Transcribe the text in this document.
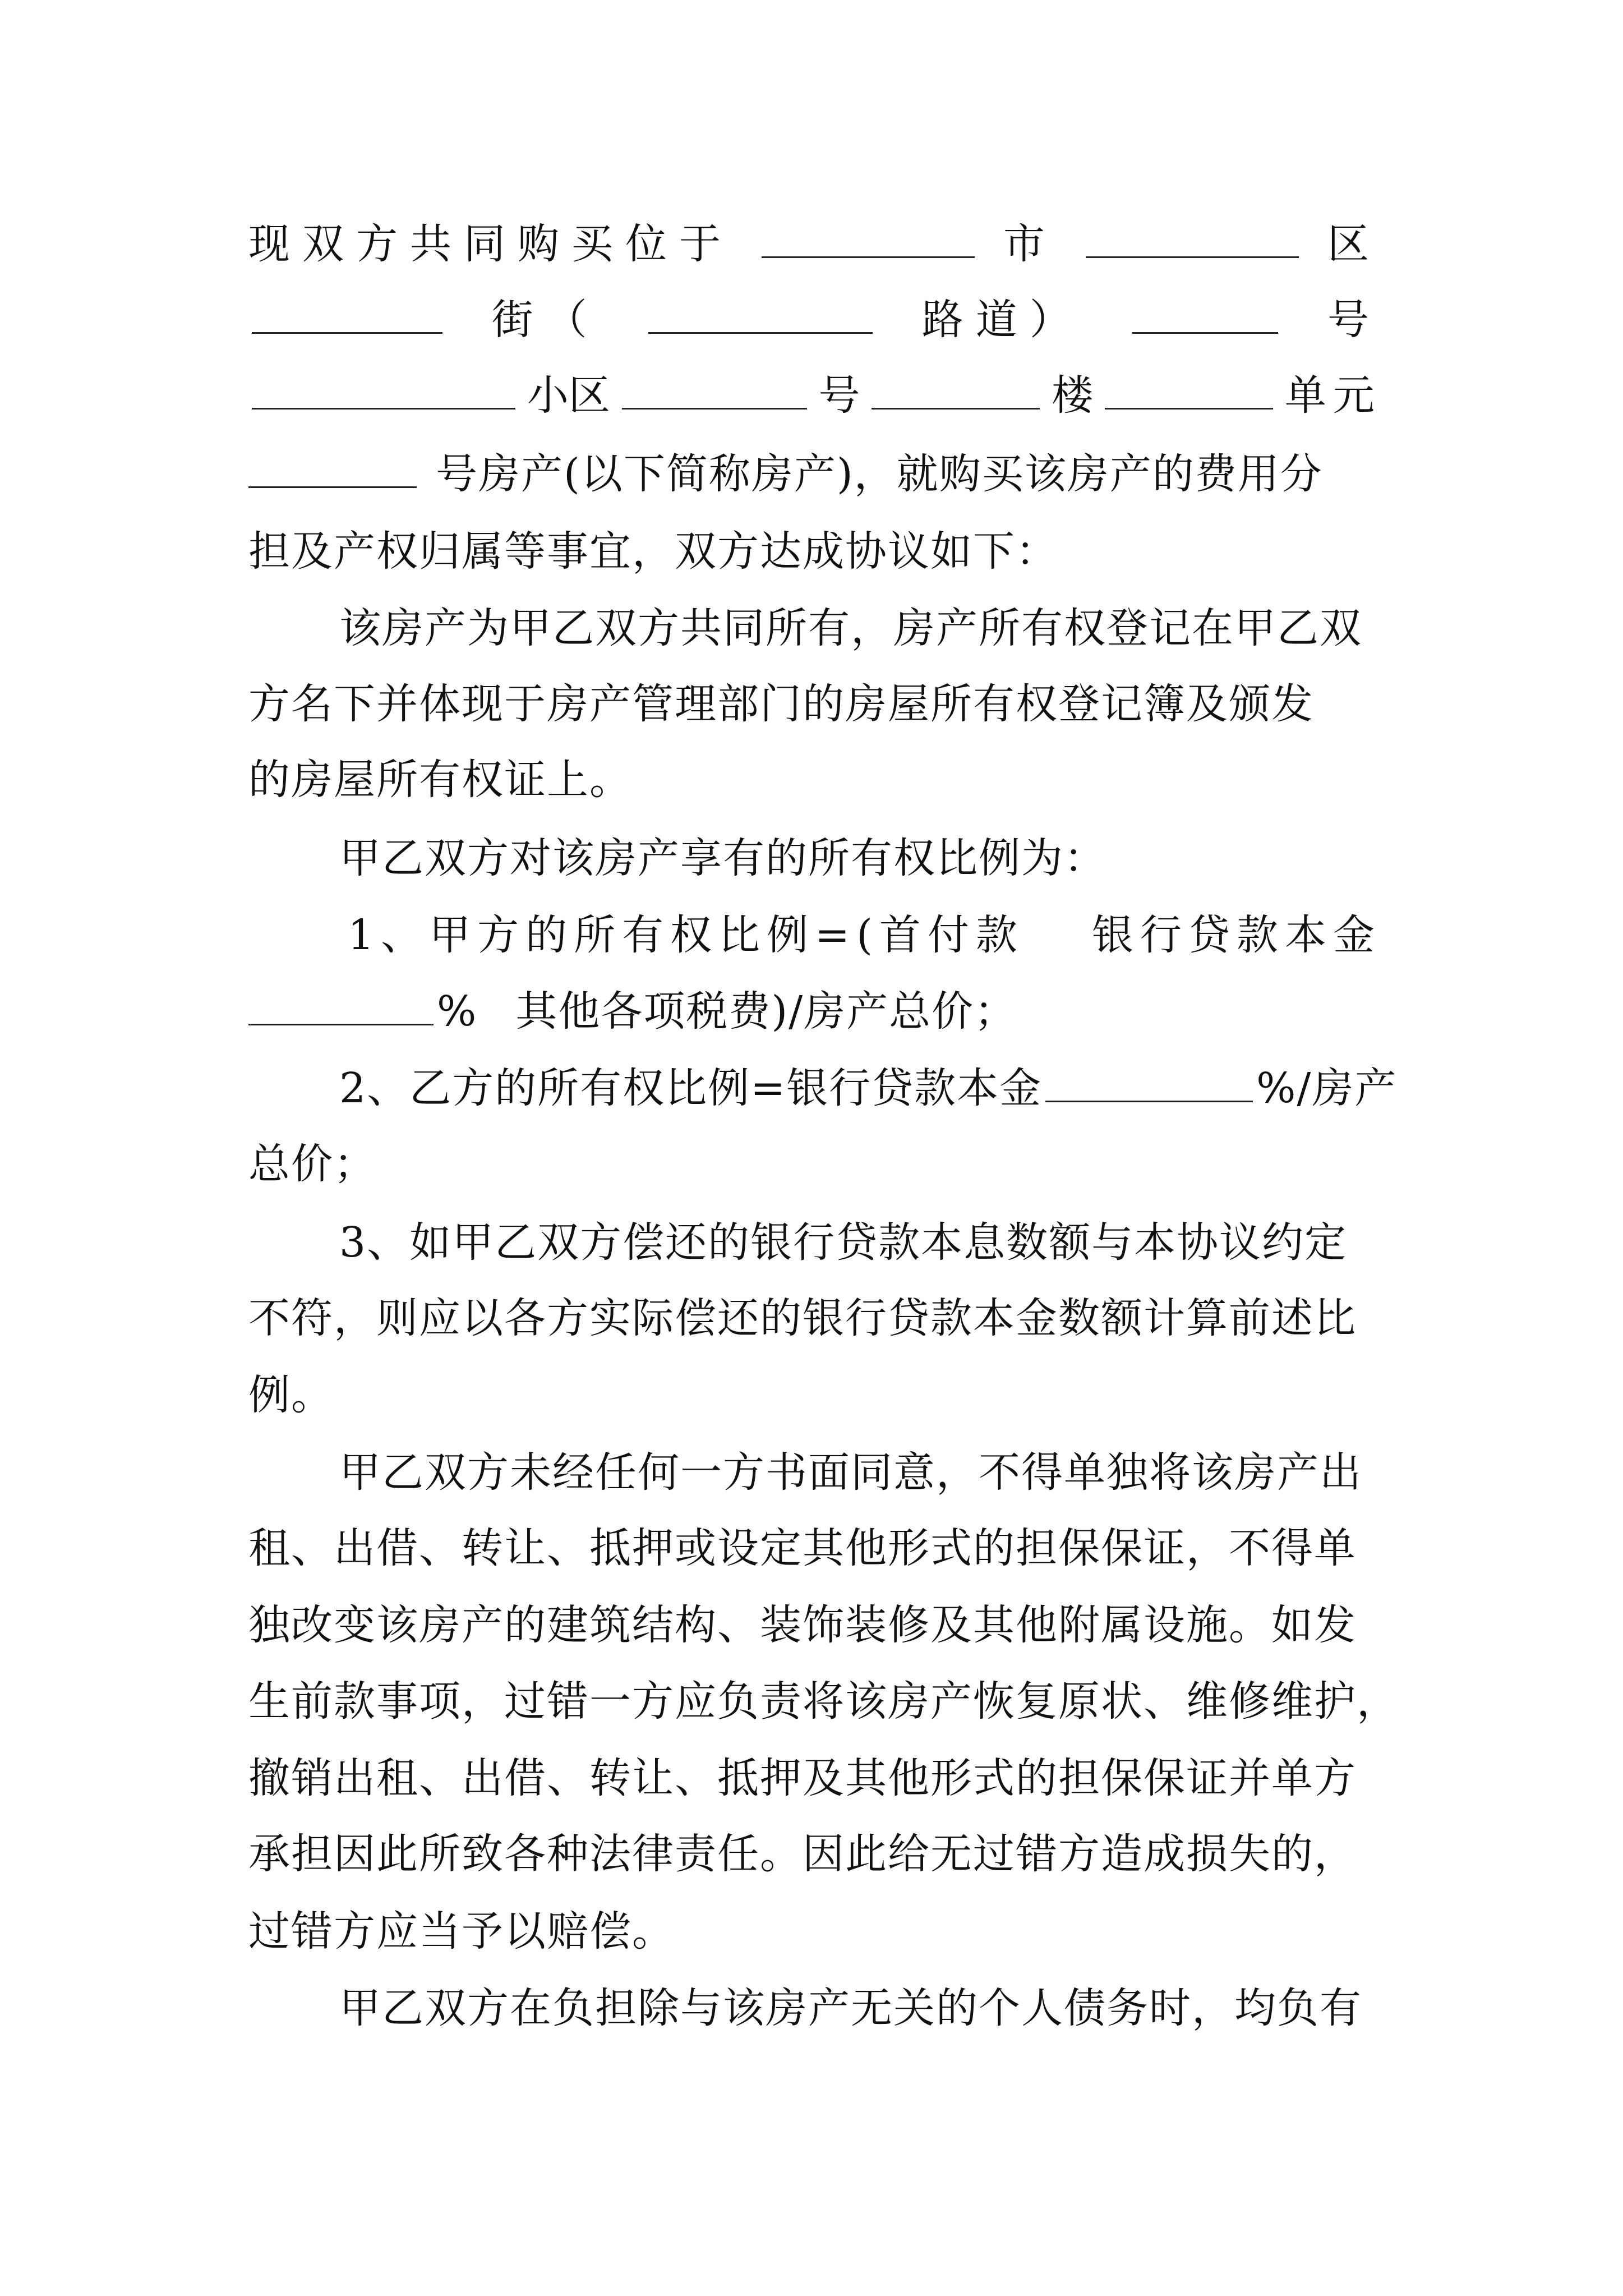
现双方共同购买位于	市	区
街（	路道）	号
小区	号	楼	单元
号房产(以下简称房产)，就购买该房产的费用分
担及产权归属等事宜，双方达成协议如下：
该房产为甲乙双方共同所有，房产所有权登记在甲乙双
方名下并体现于房产管理部门的房屋所有权登记簿及颁发
的房屋所有权证上。
甲乙双方对该房产享有的所有权比例为：
1、甲方的所有权比例=(首付款 银行贷款本金
% 其他各项税费)/房产总价；
2、乙方的所有权比例=银行贷款本金	%/房产
总价；
3、如甲乙双方偿还的银行贷款本息数额与本协议约定
不符，则应以各方实际偿还的银行贷款本金数额计算前述比
例。
甲乙双方未经任何一方书面同意，不得单独将该房产出
租、出借、转让、抵押或设定其他形式的担保保证，不得单
独改变该房产的建筑结构、装饰装修及其他附属设施。如发
生前款事项，过错一方应负责将该房产恢复原状、维修维护，
撤销出租、出借、转让、抵押及其他形式的担保保证并单方
承担因此所致各种法律责任。因此给无过错方造成损失的，
过错方应当予以赔偿。
甲乙双方在负担除与该房产无关的个人债务时，均负有
